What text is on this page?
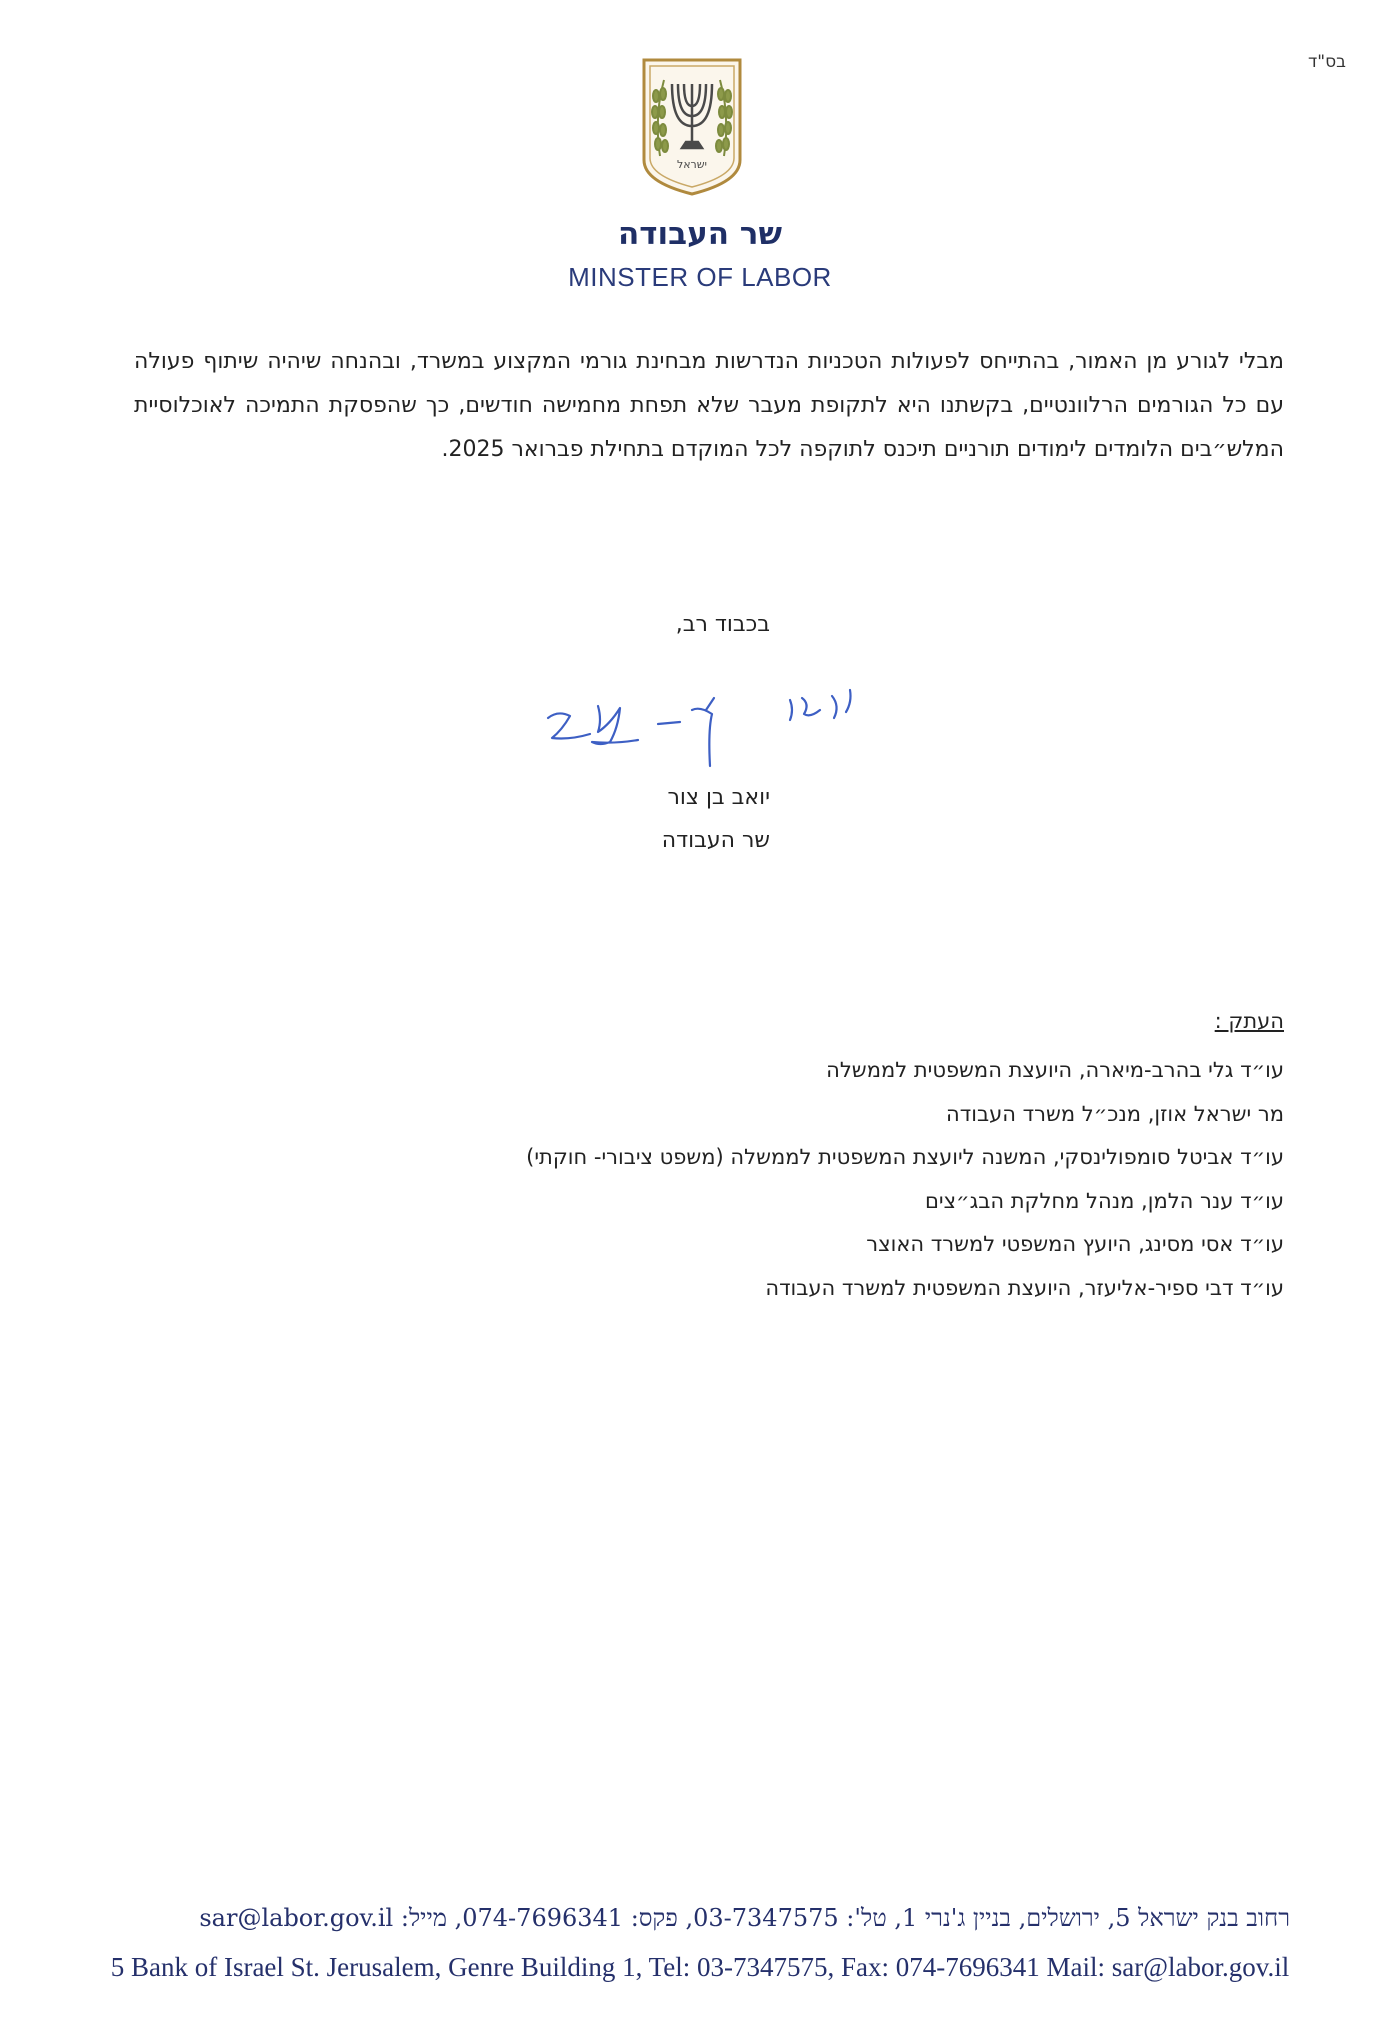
בס"ד
ישראל
שר העבודה
MINSTER OF LABOR

מבלי לגורע מן האמור, בהתייחס לפעולות הטכניות הנדרשות מבחינת גורמי המקצוע במשרד, ובהנחה שיהיה שיתוף פעולה עם כל הגורמים הרלוונטיים, בקשתנו היא לתקופת מעבר שלא תפחת מחמישה חודשים, כך שהפסקת התמיכה לאוכלוסיית המלש״בים הלומדים לימודים תורניים תיכנס לתוקפה לכל המוקדם בתחילת פברואר 2025.

בכבוד רב,
יואב בן צור
שר העבודה
העתק :
עו״ד גלי בהרב-מיארה, היועצת המשפטית לממשלה
מר ישראל אוזן, מנכ״ל משרד העבודה
עו״ד אביטל סומפולינסקי, המשנה ליועצת המשפטית לממשלה (משפט ציבורי- חוקתי)
עו״ד ענר הלמן, מנהל מחלקת הבג״צים
עו״ד אסי מסינג, היועץ המשפטי למשרד האוצר
עו״ד דבי ספיר-אליעזר, היועצת המשפטית למשרד העבודה
רחוב בנק ישראל 5, ירושלים, בניין ג'נרי 1, טל': 03-7347575, פקס: 074-7696341, מייל: sar@labor.gov.il
5 Bank of Israel St. Jerusalem, Genre Building 1, Tel: 03-7347575, Fax: 074-7696341 Mail: sar@labor.gov.il
